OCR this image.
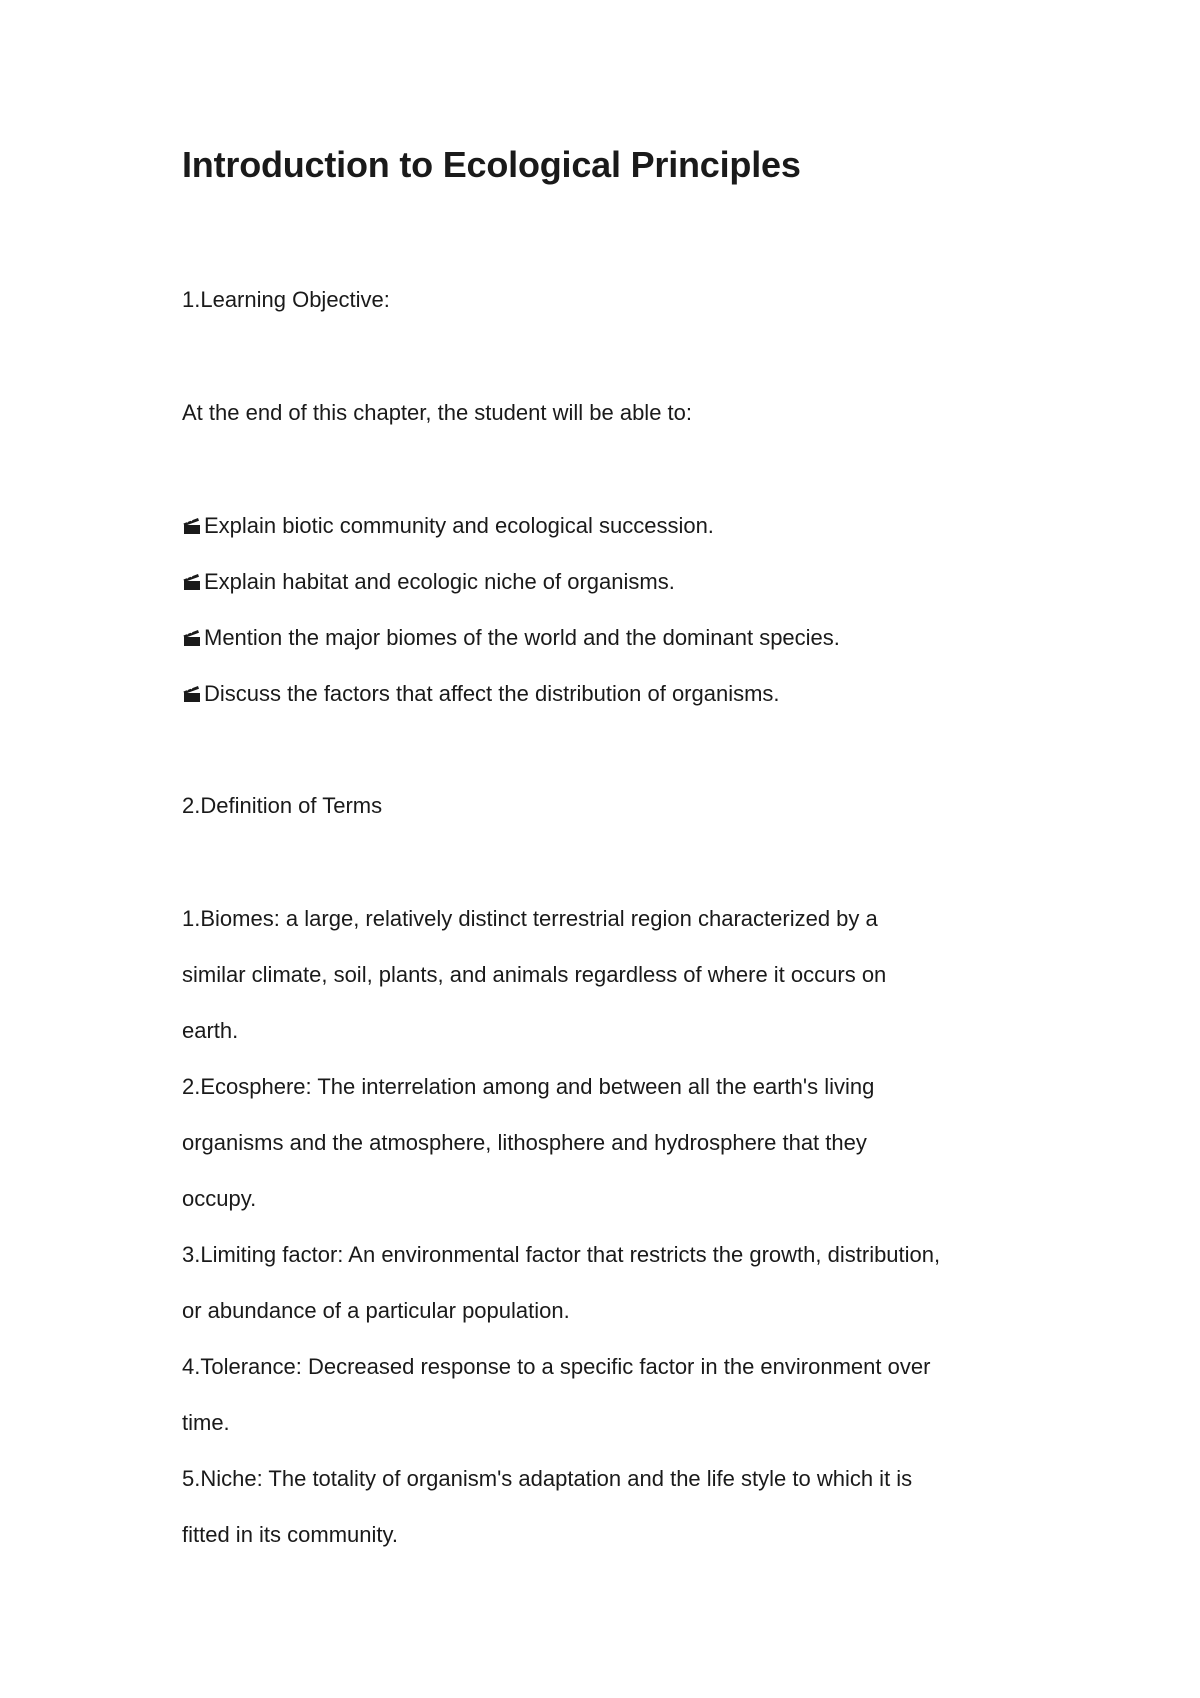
Introduction to Ecological Principles
1.Learning Objective:
At the end of this chapter, the student will be able to:
Explain biotic community and ecological succession.
Explain habitat and ecologic niche of organisms.
Mention the major biomes of the world and the dominant species.
Discuss the factors that affect the distribution of organisms.
2.Definition of Terms
1.Biomes: a large, relatively distinct terrestrial region characterized by a
similar climate, soil, plants, and animals regardless of where it occurs on
earth.
2.Ecosphere: The interrelation among and between all the earth's living
organisms and the atmosphere, lithosphere and hydrosphere that they
occupy.
3.Limiting factor: An environmental factor that restricts the growth, distribution,
or abundance of a particular population.
4.Tolerance: Decreased response to a specific factor in the environment over
time.
5.Niche: The totality of organism's adaptation and the life style to which it is
fitted in its community.
